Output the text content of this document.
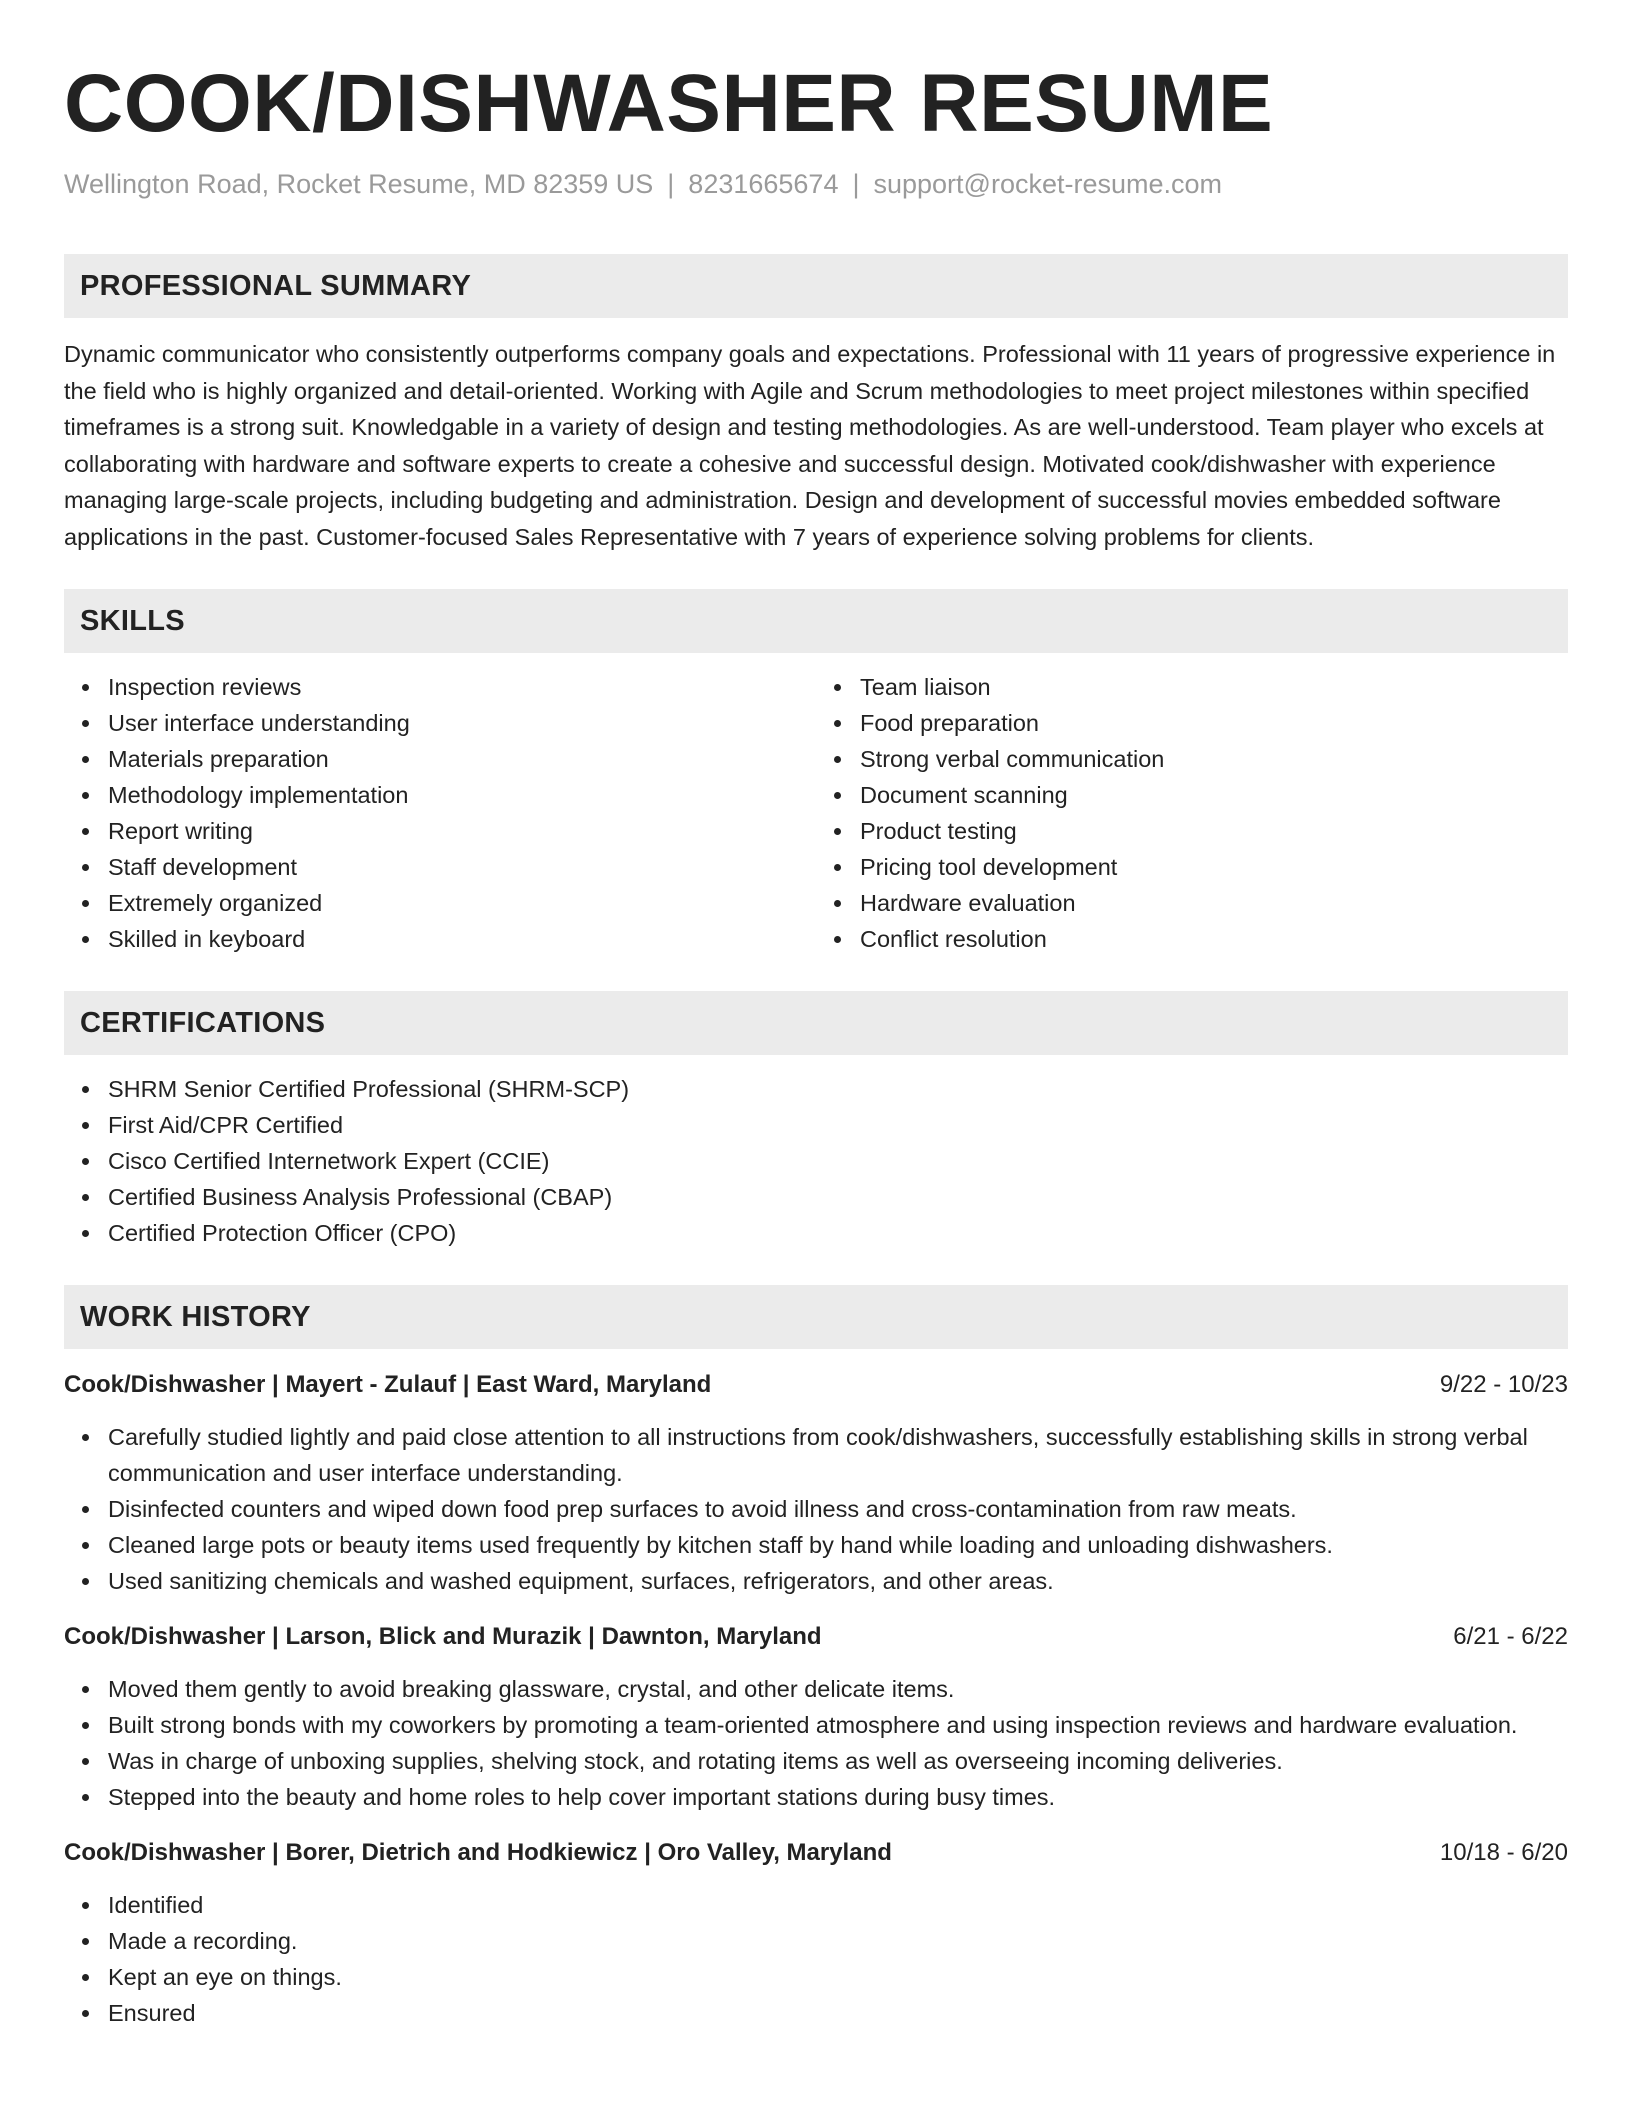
COOK/DISHWASHER RESUME
Wellington Road, Rocket Resume, MD 82359 US | 8231665674 | support@rocket-resume.com
PROFESSIONAL SUMMARY

Dynamic communicator who consistently outperforms company goals and expectations. Professional with 11 years of progressive experience in the field who is highly organized and detail-oriented. Working with Agile and Scrum methodologies to meet project milestones within specified timeframes is a strong suit. Knowledgable in a variety of design and testing methodologies. As are well-understood. Team player who excels at collaborating with hardware and software experts to create a cohesive and successful design. Motivated cook/dishwasher with experience managing large-scale projects, including budgeting and administration. Design and development of successful movies embedded software applications in the past. Customer-focused Sales Representative with 7 years of experience solving problems for clients.

SKILLS
Inspection reviews
User interface understanding
Materials preparation
Methodology implementation
Report writing
Staff development
Extremely organized
Skilled in keyboard
Team liaison
Food preparation
Strong verbal communication
Document scanning
Product testing
Pricing tool development
Hardware evaluation
Conflict resolution
CERTIFICATIONS
SHRM Senior Certified Professional (SHRM-SCP)
First Aid/CPR Certified
Cisco Certified Internetwork Expert (CCIE)
Certified Business Analysis Professional (CBAP)
Certified Protection Officer (CPO)
WORK HISTORY
Cook/Dishwasher | Mayert - Zulauf | East Ward, Maryland	9/22 - 10/23
Carefully studied lightly and paid close attention to all instructions from cook/dishwashers, successfully establishing skills in strong verbal communication and user interface understanding.
Disinfected counters and wiped down food prep surfaces to avoid illness and cross-contamination from raw meats.
Cleaned large pots or beauty items used frequently by kitchen staff by hand while loading and unloading dishwashers.
Used sanitizing chemicals and washed equipment, surfaces, refrigerators, and other areas.
Cook/Dishwasher | Larson, Blick and Murazik | Dawnton, Maryland	6/21 - 6/22
Moved them gently to avoid breaking glassware, crystal, and other delicate items.
Built strong bonds with my coworkers by promoting a team-oriented atmosphere and using inspection reviews and hardware evaluation.
Was in charge of unboxing supplies, shelving stock, and rotating items as well as overseeing incoming deliveries.
Stepped into the beauty and home roles to help cover important stations during busy times.
Cook/Dishwasher | Borer, Dietrich and Hodkiewicz | Oro Valley, Maryland	10/18 - 6/20
Identified
Made a recording.
Kept an eye on things.
Ensured
